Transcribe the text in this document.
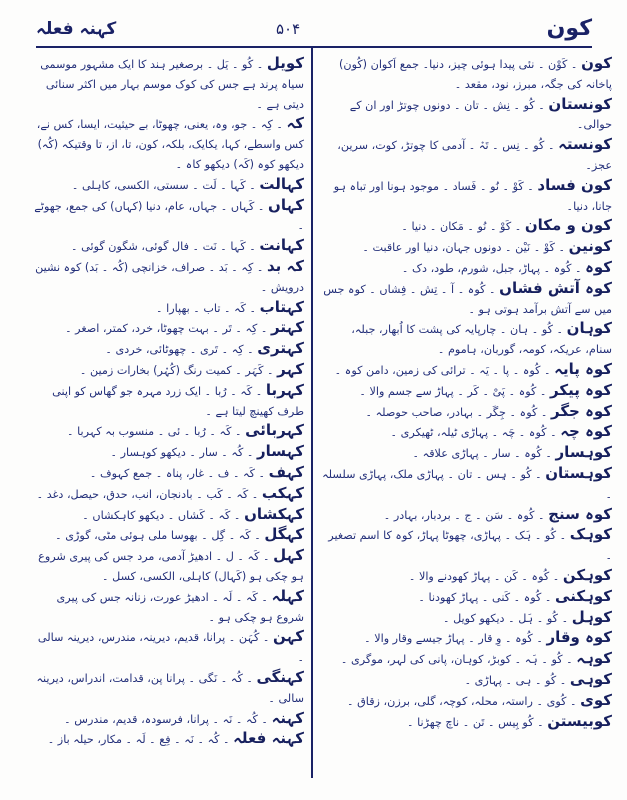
کون
۵۰۴
کہنہ فعلہ

کون ۔ کَوْن ۔ نئی پیدا ہوئی چیز، دنیا۔ جمع اَکوان (کُون) پاخانہ کی جگہ، مبرز، نود، مقعد ۔

کونستان ۔ کُو ۔ نِش ۔ تان ۔ دونوں چوتڑ اور ان کے حوالی۔

کونستہ ۔ کُو ۔ نِس ۔ تَہْ ۔ آدمی کا چوتڑ، کوت، سرین، عجز۔

کون فساد ۔ کَوْ ۔ نُو ۔ فَساد ۔ موجود ہونا اور تباہ ہو جانا، دنیا۔

کون و مکان ۔ کَوْ ۔ نُو ۔ مَکان ۔ دنیا ۔

کونین ۔ کَوْ ۔ نَیْن ۔ دونوں جہان، دنیا اور عاقبت ۔

کوہ ۔ کُوہ ۔ پہاڑ، جبل، شورم، طود، دک ۔

کوہ آتش فشاں ۔ کُوہ ۔ آ ۔ تِش ۔ فِشاں ۔ کوہ جس میں سے آتش برآمد ہوتی ہو ۔

کوہان ۔ کُو ۔ ہان ۔ چارپایہ کی پشت کا اُبھار، جبلہ، سنام، عریکہ، کومہ، گوربان، ہاموم ۔

کوہ پایہ ۔ کُوہ ۔ پا ۔ یَہ ۔ ترائی کی زمین، دامن کوہ ۔

کوہ پیکر ۔ کُوہ ۔ پَیْ ۔ کَر ۔ پہاڑ سے جسم والا ۔

کوہ جگر ۔ کُوہ ۔ جِگَر ۔ بہادر، صاحب حوصلہ ۔

کوہ چہ ۔ کُوہ ۔ چَہ ۔ پہاڑی ٹیلہ، ٹھیکری ۔

کوہسار ۔ کُوہ ۔ سار ۔ پہاڑی علاقہ ۔

کوہستان ۔ کُو ۔ ہِس ۔ تان ۔ پہاڑی ملک، پہاڑی سلسلہ ۔

کوہ سنج ۔ کُوہ ۔ سَن ۔ ج ۔ بردبار، بہادر ۔

کوہک ۔ کُو ۔ ہَک ۔ پہاڑی، چھوٹا پہاڑ، کوہ کا اسم تصغیر ۔

کوہکن ۔ کُوہ ۔ کَن ۔ پہاڑ کھودنے والا ۔

کوہکنی ۔ کُوہ ۔ کَنی ۔ پہاڑ کھودنا ۔

کوہل ۔ کُو ۔ ہَل ۔ دیکھو کویل ۔

کوہ وقار ۔ کُوہ ۔ وِ قار ۔ پہاڑ جیسے وقار والا ۔

کوہہ ۔ کُو ۔ ہَہ ۔ کوبڑ، کوہان، پانی کی لہر، موگری ۔

کوہی ۔ کُو ۔ ہی ۔ پہاڑی ۔

کوی ۔ کُوی ۔ راستہ، محلہ، کوچہ، گلی، برزن، زقاق ۔

کوبیستن ۔ کُو بِیس ۔ تَن ۔ ناچ چھڑنا ۔

کویل ۔ کُو ۔ یَل ۔ برصغیر ہند کا ایک مشہور موسمی سیاہ پرند ہے جس کی کوک موسم بہار میں اکثر سنائی دیتی ہے ۔

کہ ۔ کِہ ۔ جو، وہ، یعنی، چھوٹا، بے حیثیت، ایسا، کس نے، کس واسطے، کہا، یکایک، بلکہ، کون، تا، از، تا وقتیکہ (کُہ) دیکھو کوہ (کَہ) دیکھو کاہ ۔

کہالت ۔ کَہا ۔ لَت ۔ سستی، الکسی، کاہلی ۔

کہاں ۔ کَہاں ۔ جہاں، عام، دنیا (کہاں) کی جمع، جھوٹے ۔

کہانت ۔ کَہا ۔ نَت ۔ فال گوئی، شگون گوئی ۔

کہ بد ۔ کِہ ۔ بَد ۔ صراف، خزانچی (کُہ ۔ بَد) کوہ نشین درویش ۔

کہتاب ۔ کَہ ۔ تاب ۔ بھپارا ۔

کہتر ۔ کِہ ۔ تَر ۔ بہت چھوٹا، خرد، کمتر، اصغر ۔

کہتری ۔ کِہ ۔ تَری ۔ چھوٹائی، خردی ۔

کہر ۔ کَہَر ۔ کمیت رنگ (کُہْر) بخارات زمین ۔

کہربا ۔ کَہ ۔ رُبا ۔ ایک زرد مہرہ جو گھاس کو اپنی طرف کھینچ لیتا ہے ۔

کہربائی ۔ کَہ ۔ رُبا ۔ ئی ۔ منسوب بہ کہربا ۔

کہسار ۔ کُہ ۔ سار ۔ دیکھو کوہسار ۔

کہف ۔ کَہ ۔ ف ۔ غار، پناہ ۔ جمع کہوف ۔

کہکب ۔ کَہ ۔ کَب ۔ بادنجان، انب، حدق، حیصل، دغد ۔

کہکشاں ۔ کَہ ۔ کَشاں ۔ دیکھو کاہکشاں ۔

کہگل ۔ کَہ ۔ گِل ۔ بھوسا ملی ہوئی مٹی، گوڑی ۔

کہل ۔ کَہ ۔ ل ۔ ادھیڑ آدمی، مرد جس کی پیری شروع ہو چکی ہو (کَہال) کاہلی، الکسی، کسل ۔

کہلہ ۔ کَہ ۔ لَہ ۔ ادھیڑ عورت، زنانہ جس کی پیری شروع ہو چکی ہو ۔

کہن ۔ کُہَن ۔ پرانا، قدیم، دیرینہ، مندرس، دیرینہ سالی ۔

کہنگی ۔ کُہ ۔ نَگی ۔ پرانا پن، قدامت، اندراس، دیرینہ سالی ۔

کہنہ ۔ کُہ ۔ نَہ ۔ پرانا، فرسودہ، قدیم، مندرس ۔

کہنہ فعلہ ۔ کُہ ۔ نَہ ۔ فِع ۔ لَہ ۔ مکار، حیلہ باز ۔
